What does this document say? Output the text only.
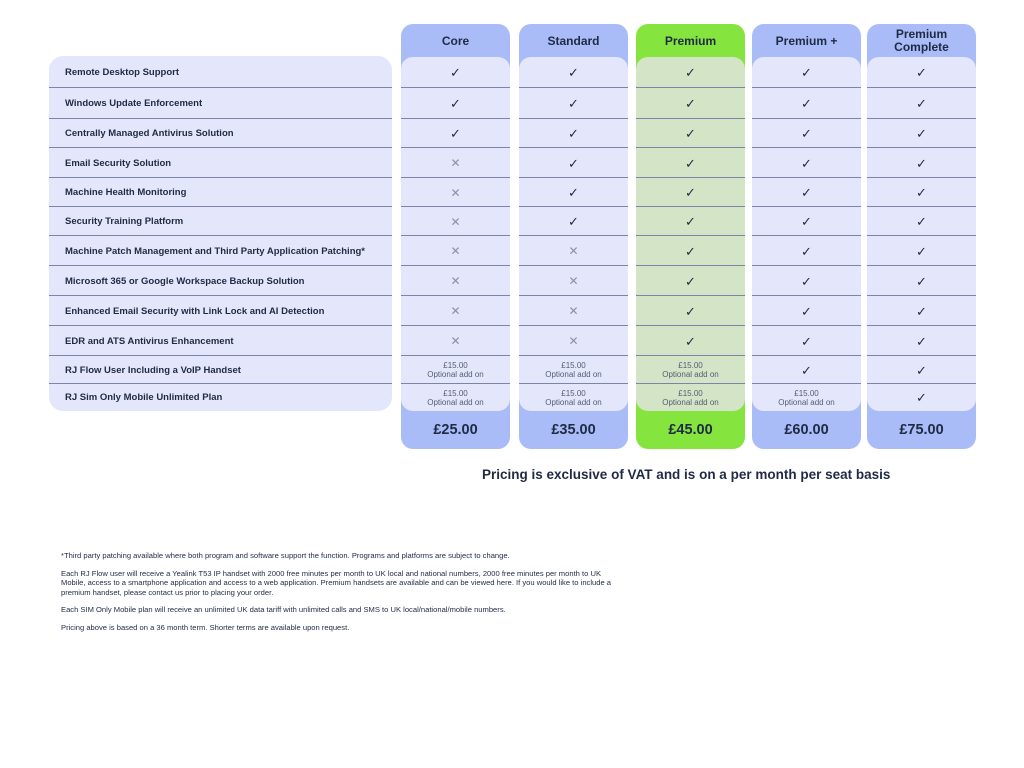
Remote Desktop Support
Windows Update Enforcement
Centrally Managed Antivirus Solution
Email Security Solution
Machine Health Monitoring
Security Training Platform
Machine Patch Management and Third Party Application Patching*
Microsoft 365 or Google Workspace Backup Solution
Enhanced Email Security with Link Lock and AI Detection
EDR and ATS Antivirus Enhancement
RJ Flow User Including a VoIP Handset
RJ Sim Only Mobile Unlimited Plan
Core
✓
✓
✓
✕
✕
✕
✕
✕
✕
✕
£15.00
Optional add on
£15.00
Optional add on
£25.00
Standard
✓
✓
✓
✓
✓
✓
✕
✕
✕
✕
£15.00
Optional add on
£15.00
Optional add on
£35.00
Premium
✓
✓
✓
✓
✓
✓
✓
✓
✓
✓
£15.00
Optional add on
£15.00
Optional add on
£45.00
Premium +
✓
✓
✓
✓
✓
✓
✓
✓
✓
✓
✓
£15.00
Optional add on
£60.00
Premium Complete
✓
✓
✓
✓
✓
✓
✓
✓
✓
✓
✓
✓
£75.00
Pricing is exclusive of VAT and is on a per month per seat basis

*Third party patching available where both program and software support the function. Programs and platforms are subject to change.

Each RJ Flow user will receive a Yealink T53 IP handset with 2000 free minutes per month to UK local and national numbers, 2000 free minutes per month to UK Mobile, access to a smartphone application and access to a web application. Premium handsets are available and can be viewed here. If you would like to include a premium handset, please contact us prior to placing your order.

Each SIM Only Mobile plan will receive an unlimited UK data tariff with unlimited calls and SMS to UK local/national/mobile numbers.

Pricing above is based on a 36 month term. Shorter terms are available upon request.
